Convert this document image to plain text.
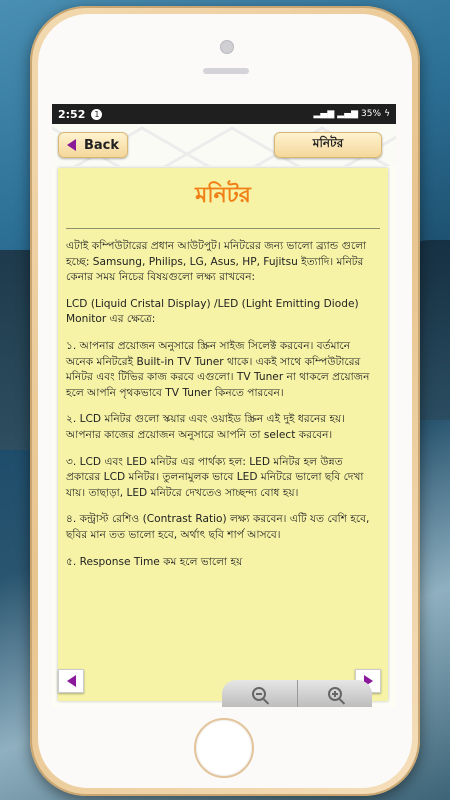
2:52	1	▂▄▆ ▂▄▆ 35% ϟ
Back	মনিটর
মনিটর

এটাই কম্পিউটারের প্রধান আউটপুট। মনিটরের জন্য ভালো ব্র্যান্ড গুলো হচ্ছে: Samsung, Philips, LG, Asus, HP, Fujitsu ইত্যাদি। মনিটর কেনার সময় নিচের বিষয়গুলো লক্ষ্য রাখবেন:

LCD (Liquid Cristal Display) /LED (Light Emitting Diode) Monitor এর ক্ষেত্রে:

১. আপনার প্রয়োজন অনুসারে স্ক্রিন সাইজ সিলেক্ট করবেন। বর্তমানে অনেক মনিটরেই Built-in TV Tuner থাকে। একই সাথে কম্পিউটারের মনিটর এবং টিভির কাজ করবে এগুলো। TV Tuner না থাকলে প্রয়োজন হলে আপনি পৃথকভাবে TV Tuner কিনতে পারবেন।

২. LCD মনিটর গুলো স্কয়ার এবং ওয়াইড স্ক্রিন এই দুই ধরনের হয়। আপনার কাজের প্রয়োজন অনুসারে আপনি তা select করবেন।

৩. LCD এবং LED মনিটর এর পার্থক্য হল: LED মনিটর হল উন্নত প্রকারের LCD মনিটর। তুলনামুলক ভাবে LED মনিটরে ভালো ছবি দেখা যায়। তাছাড়া, LED মনিটরে দেখতেও সাচ্ছন্দ্য বোধ হয়।

৪. কন্ট্রাস্ট রেশিও (Contrast Ratio) লক্ষ্য করবেন। এটি যত বেশি হবে, ছবির মান তত ভালো হবে, অর্থাৎ ছবি শার্প আসবে।

৫. Response Time কম হলে ভালো হয়
